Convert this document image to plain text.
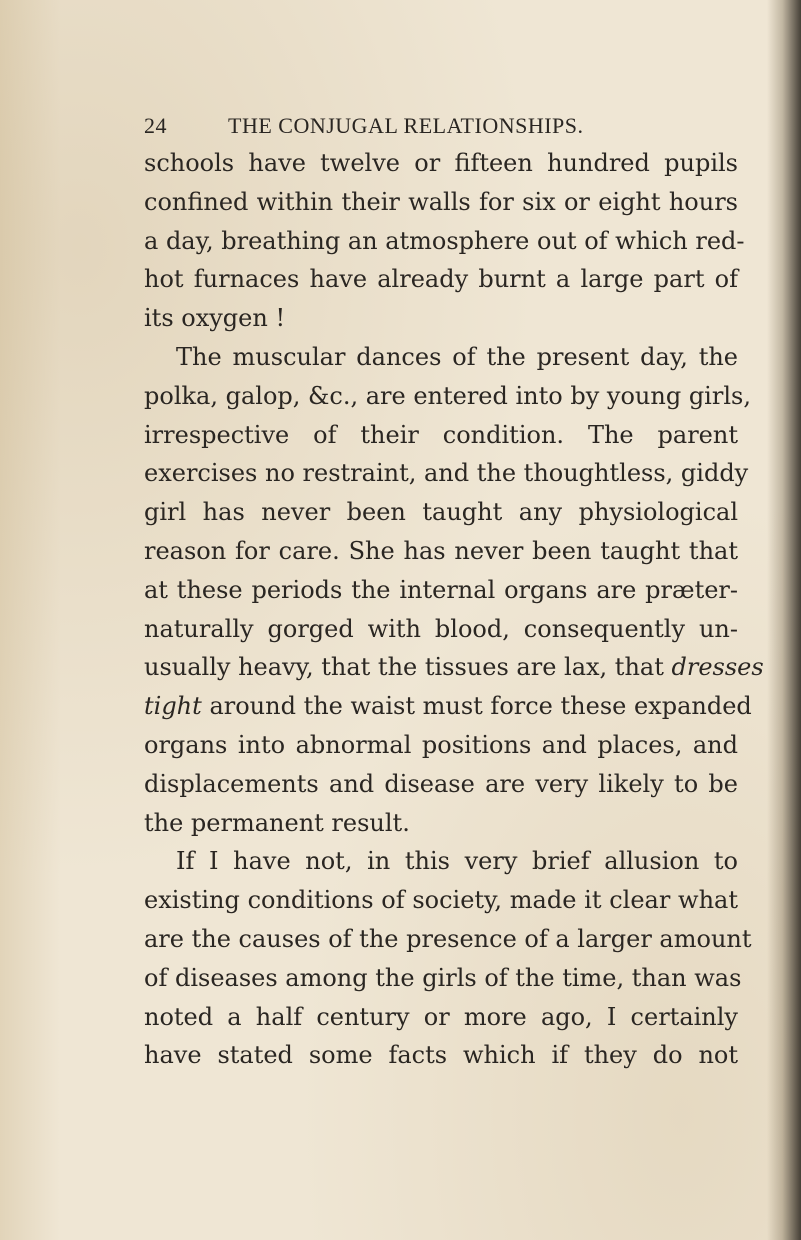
24	THE CONJUGAL RELATIONSHIPS.
schools have twelve or fifteen hundred pupils
confined within their walls for six or eight hours
a day, breathing an atmosphere out of which red-
hot furnaces have already burnt a large part of
its oxygen !
The muscular dances of the present day, the
polka, galop, &c., are entered into by young girls,
irrespective of their condition. The parent
exercises no restraint, and the thoughtless, giddy
girl has never been taught any physiological
reason for care. She has never been taught that
at these periods the internal organs are præter-
naturally gorged with blood, consequently un-
usually heavy, that the tissues are lax, that dresses
tight around the waist must force these expanded
organs into abnormal positions and places, and
displacements and disease are very likely to be
the permanent result.
If I have not, in this very brief allusion to
existing conditions of society, made it clear what
are the causes of the presence of a larger amount
of diseases among the girls of the time, than was
noted a half century or more ago, I certainly
have stated some facts which if they do not
